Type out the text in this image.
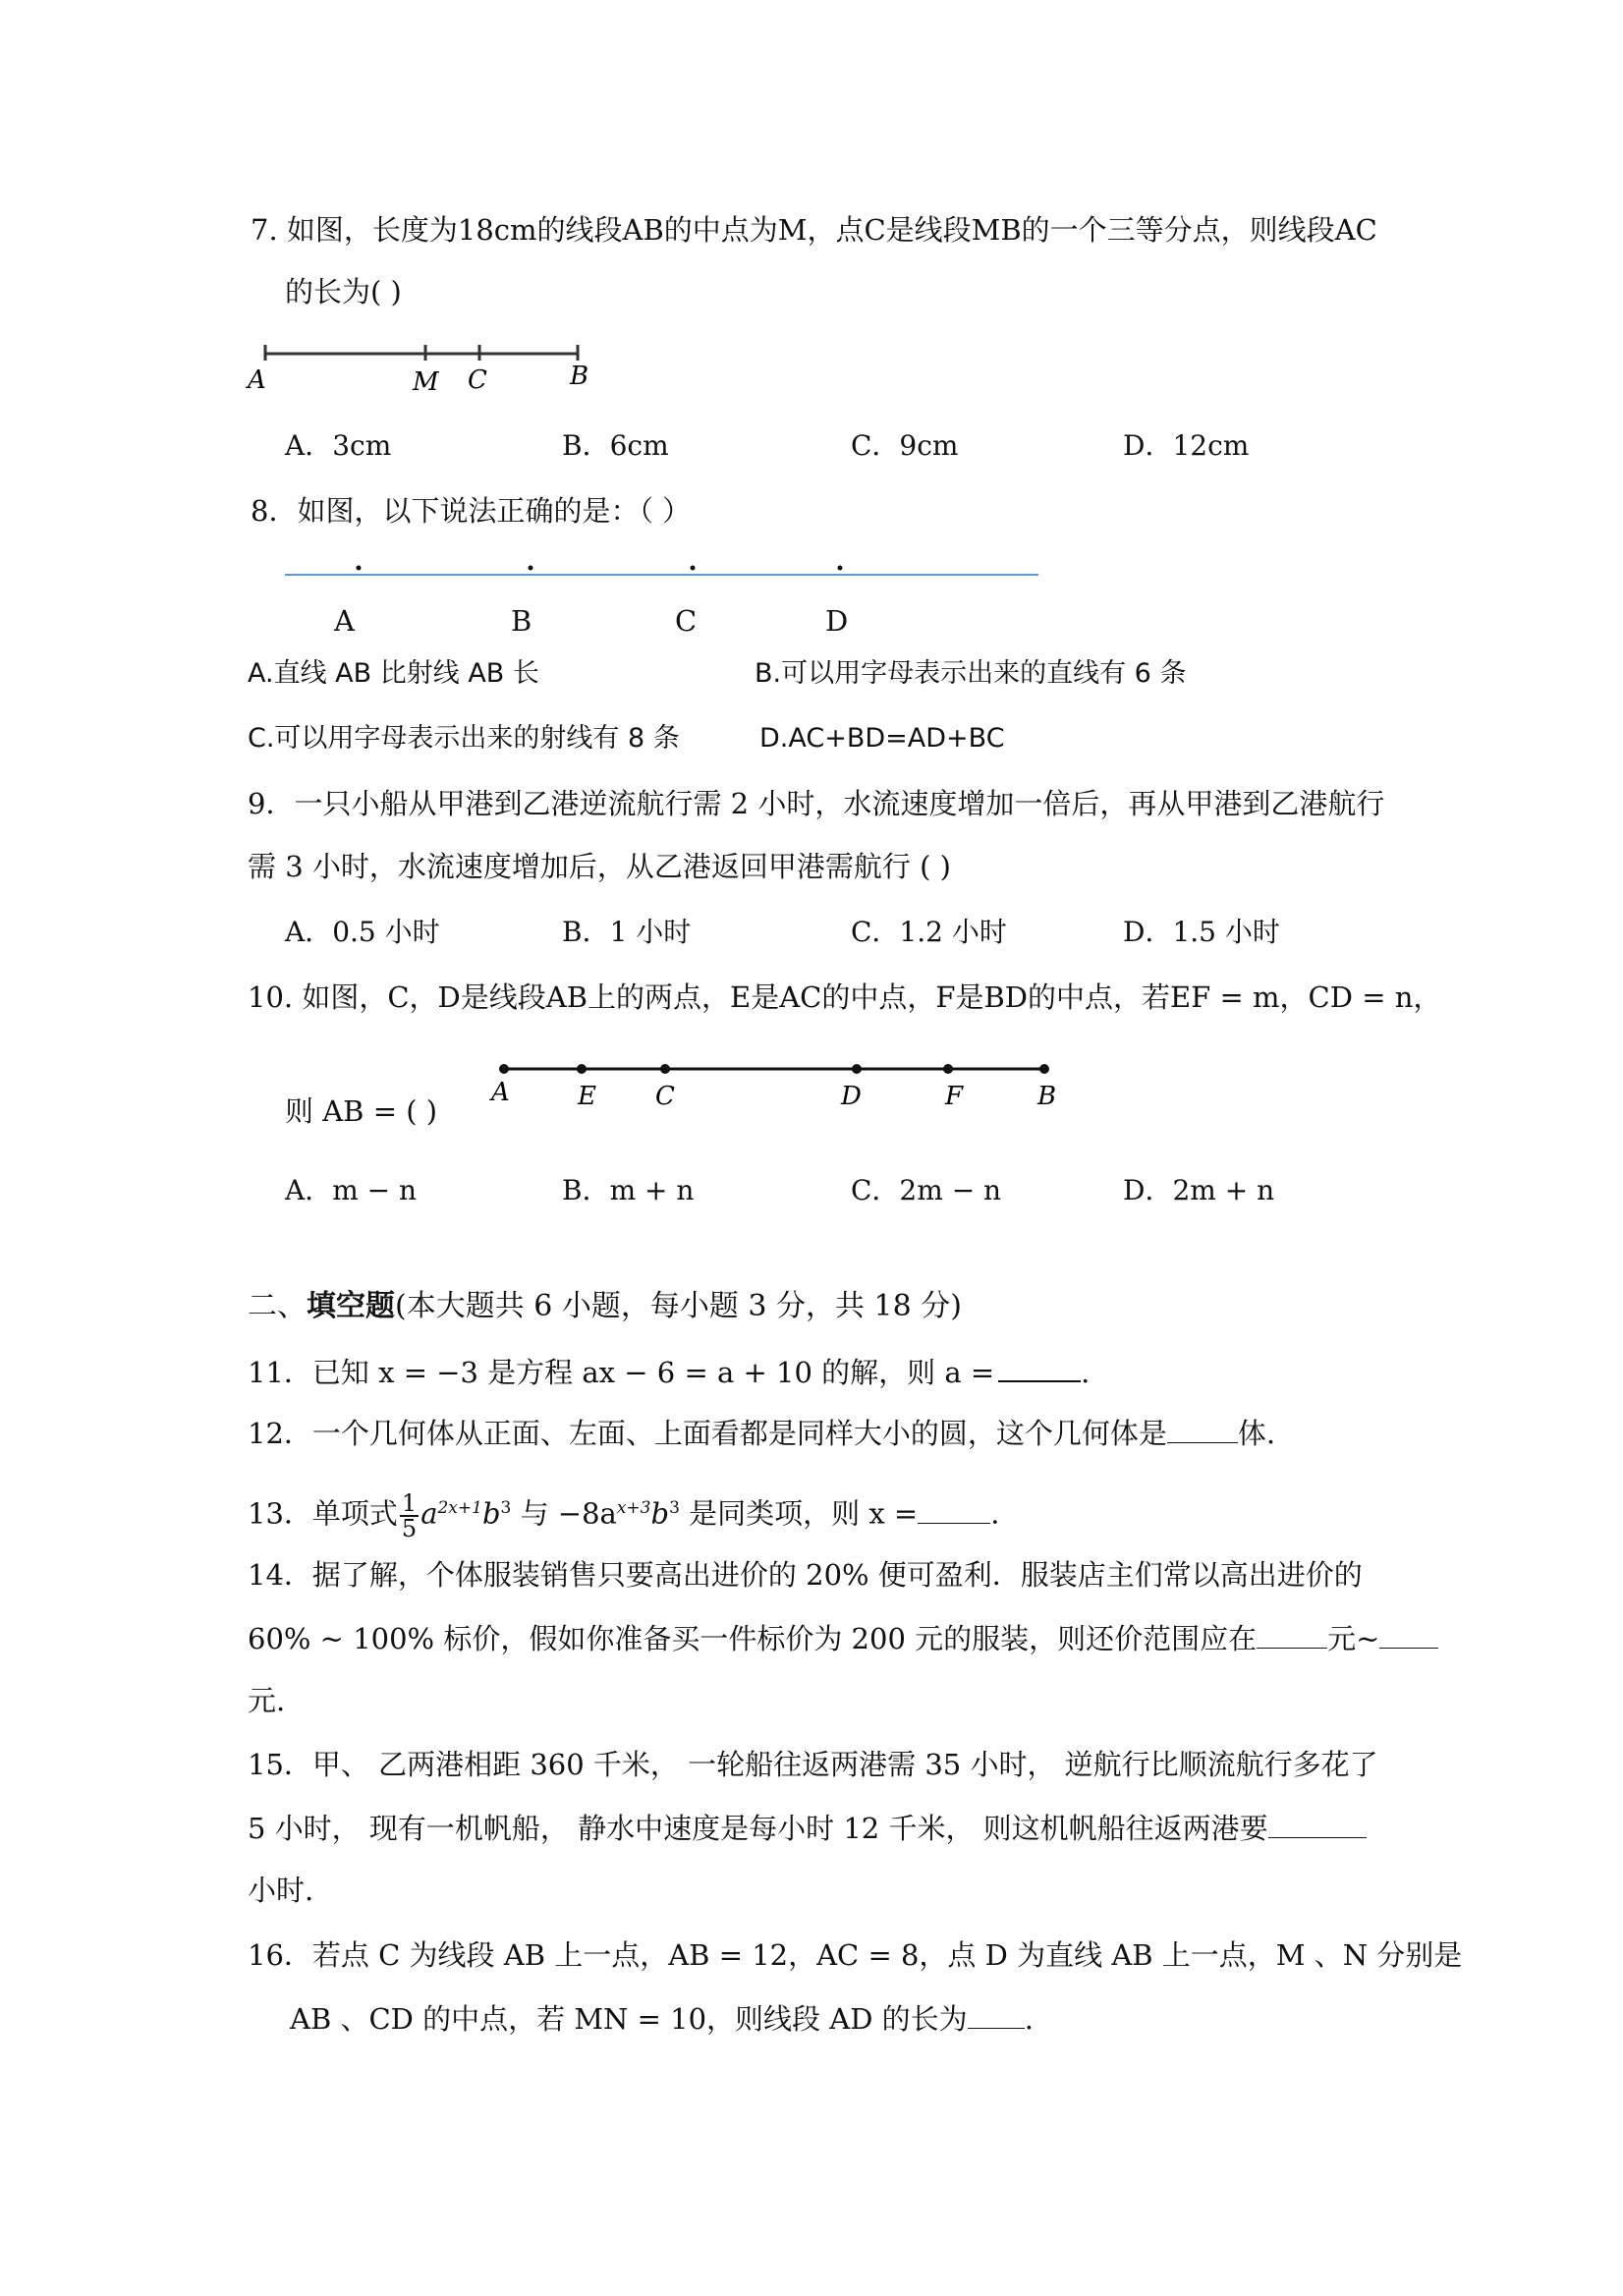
7. 如图，长度为18cm的线段AB的中点为M，点C是线段MB的一个三等分点，则线段AC
的长为( )
A	M C	B
A．3cm	B．6cm	C．9cm	D．12cm
8．如图，以下说法正确的是：（ ）
A	B	C	D
A.直线 AB 比射线 AB 长	B.可以用字母表示出来的直线有 6 条
C.可以用字母表示出来的射线有 8 条	D.AC+BD=AD+BC
9．一只小船从甲港到乙港逆流航行需 2 小时，水流速度增加一倍后，再从甲港到乙港航行
需 3 小时，水流速度增加后，从乙港返回甲港需航行 ( )
A．0.5 小时	B．1 小时	C．1.2 小时	D．1.5 小时
10. 如图，C，D是线段AB上的两点，E是AC的中点，F是BD的中点，若EF = m，CD = n，
A	E C	D	F	B
则 AB = ( )
A．m − n	B．m + n	C．2m − n	D．2m + n
二、填空题(本大题共 6 小题，每小题 3 分，共 18 分)
11．已知 x = −3 是方程 ax − 6 = a + 10 的解，则 a =	.
12．一个几何体从正面、左面、上面看都是同样大小的圆，这个几何体是 体.
13．单项式 $\frac{1}{5} a^{2x+1}b^3$ 与 $-8a^{x+3}b^3$ 是同类项，则 x =	.
14．据了解，个体服装销售只要高出进价的 20% 便可盈利．服装店主们常以高出进价的
60% ~ 100% 标价，假如你准备买一件标价为 200 元的服装，则还价范围应在 元~
元.
15．甲、 乙两港相距 360 千米， 一轮船往返两港需 35 小时， 逆航行比顺流航行多花了
5 小时， 现有一机帆船， 静水中速度是每小时 12 千米， 则这机帆船往返两港要
小时.
16．若点 C 为线段 AB 上一点，AB = 12，AC = 8，点 D 为直线 AB 上一点，M 、N 分别是
AB 、CD 的中点，若 MN = 10，则线段 AD 的长为 .
